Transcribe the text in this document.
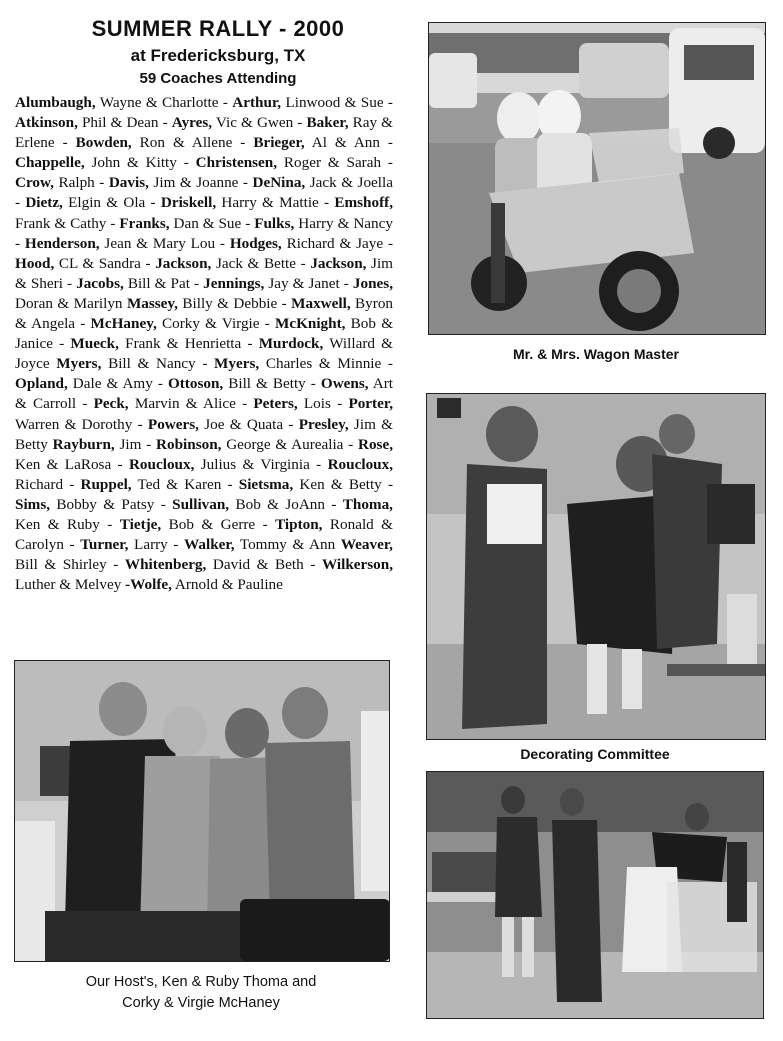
SUMMER RALLY - 2000
at Fredericksburg, TX
59 Coaches Attending
Alumbaugh, Wayne & Charlotte - Arthur, Linwood & Sue - Atkinson, Phil & Dean - Ayres, Vic & Gwen - Baker, Ray & Erlene - Bowden, Ron & Allene - Brieger, Al & Ann - Chappelle, John & Kitty - Christensen, Roger & Sarah - Crow, Ralph - Davis, Jim & Joanne - DeNina, Jack & Joella - Dietz, Elgin & Ola - Driskell, Harry & Mattie - Emshoff, Frank & Cathy - Franks, Dan & Sue - Fulks, Harry & Nancy - Henderson, Jean & Mary Lou - Hodges, Richard & Jaye - Hood, CL & Sandra - Jackson, Jack & Bette - Jackson, Jim & Sheri - Jacobs, Bill & Pat - Jennings, Jay & Janet - Jones, Doran & Marilyn Massey, Billy & Debbie - Maxwell, Byron & Angela - McHaney, Corky & Virgie - McKnight, Bob & Janice - Mueck, Frank & Henrietta - Murdock, Willard & Joyce Myers, Bill & Nancy - Myers, Charles & Minnie - Opland, Dale & Amy - Ottoson, Bill & Betty - Owens, Art & Carroll - Peck, Marvin & Alice - Peters, Lois - Porter, Warren & Dorothy - Powers, Joe & Quata - Presley, Jim & Betty Rayburn, Jim - Robinson, George & Aurealia - Rose, Ken & LaRosa - Roucloux, Julius & Virginia - Roucloux, Richard - Ruppel, Ted & Karen - Sietsma, Ken & Betty - Sims, Bobby & Patsy - Sullivan, Bob & JoAnn - Thoma, Ken & Ruby - Tietje, Bob & Gerre - Tipton, Ronald & Carolyn - Turner, Larry - Walker, Tommy & Ann Weaver, Bill & Shirley - Whitenberg, David & Beth - Wilkerson, Luther & Melvey -Wolfe, Arnold & Pauline
Mr. & Mrs. Wagon Master
Decorating Committee
Our Host's, Ken & Ruby Thoma and
Corky & Virgie McHaney
